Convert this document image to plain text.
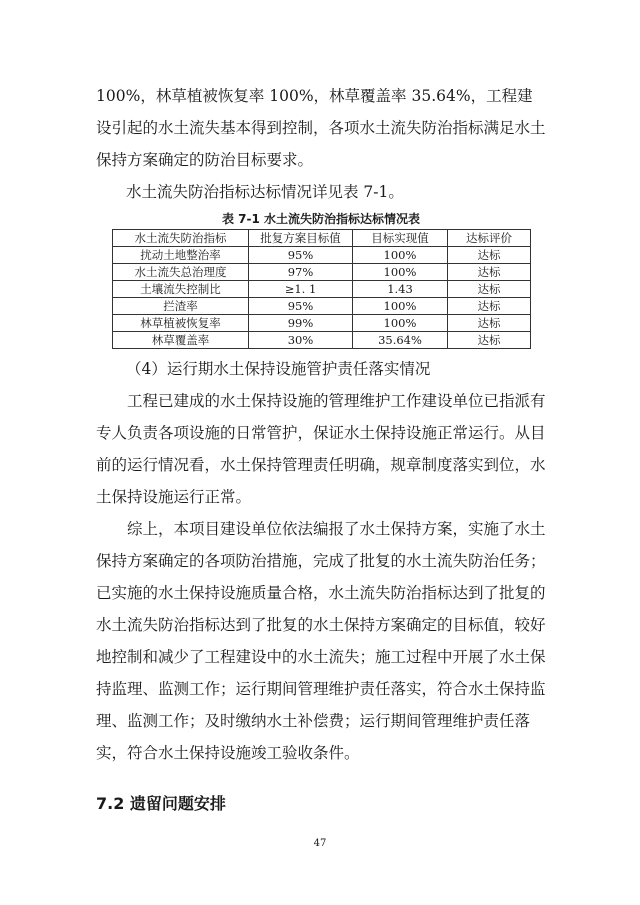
100%，林草植被恢复率 100%，林草覆盖率 35.64%，工程建设引起的水土流失基本得到控制，各项水土流失防治指标满足水土保持方案确定的防治目标要求。

水土流失防治指标达标情况详见表 7-1。

表 7-1 水土流失防治指标达标情况表
水土流失防治指标	批复方案目标值	目标实现值	达标评价
扰动土地整治率	95%	100%	达标
水土流失总治理度	97%	100%	达标
土壤流失控制比	≥1. 1	1.43	达标
拦渣率	95%	100%	达标
林草植被恢复率	99%	100%	达标
林草覆盖率	30%	35.64%	达标

（4）运行期水土保持设施管护责任落实情况

工程已建成的水土保持设施的管理维护工作建设单位已指派有专人负责各项设施的日常管护，保证水土保持设施正常运行。从目前的运行情况看，水土保持管理责任明确，规章制度落实到位，水土保持设施运行正常。

综上，本项目建设单位依法编报了水土保持方案，实施了水土保持方案确定的各项防治措施，完成了批复的水土流失防治任务；已实施的水土保持设施质量合格，水土流失防治指标达到了批复的水土流失防治指标达到了批复的水土保持方案确定的目标值，较好地控制和减少了工程建设中的水土流失；施工过程中开展了水土保持监理、监测工作；运行期间管理维护责任落实，符合水土保持监理、监测工作；及时缴纳水土补偿费；运行期间管理维护责任落实，符合水土保持设施竣工验收条件。

7.2 遗留问题安排
47
